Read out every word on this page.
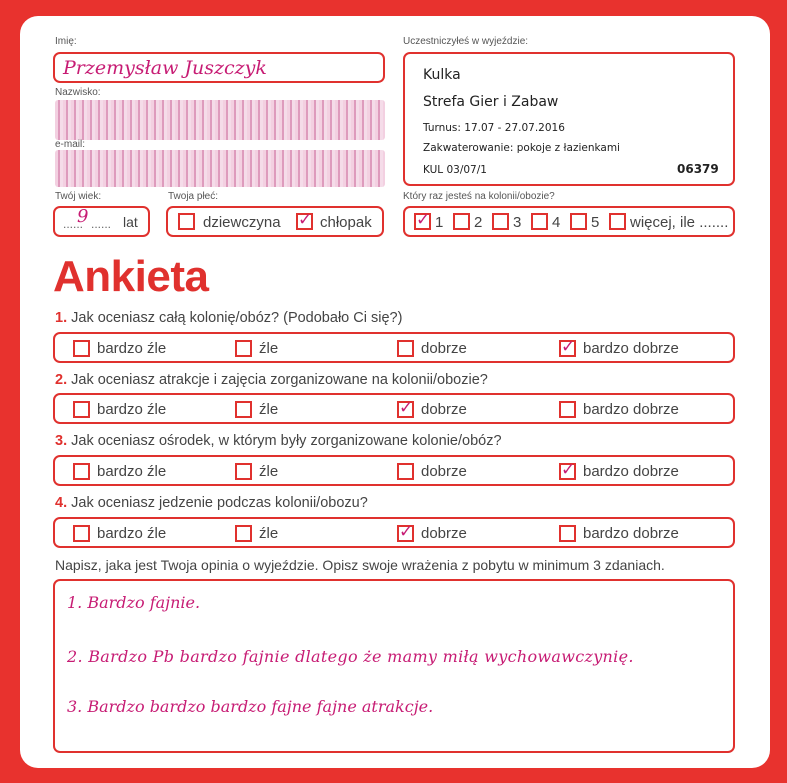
Imię:
Przemysław Juszczyk
Nazwisko:
e-mail:
Uczestniczyłeś w wyjeździe:
Kulka
Strefa Gier i Zabaw
Turnus: 17.07 - 27.07.2016
Zakwaterowanie: pokoje z łazienkami
KUL 03/07/1	06379
Twój wiek:
......
9 ...... lat
Twoja płeć:
dziewczyna ✓ chłopak
Który raz jesteś na kolonii/obozie?
✓ 1 2 3 4 5 więcej, ile .......
Ankieta
1. Jak oceniasz całą kolonię/obóz? (Podobało Ci się?)
bardzo źle	źle	dobrze	✓ bardzo dobrze
2. Jak oceniasz atrakcje i zajęcia zorganizowane na kolonii/obozie?
bardzo źle	źle	✓ dobrze	bardzo dobrze
3. Jak oceniasz ośrodek, w którym były zorganizowane kolonie/obóz?
bardzo źle	źle	dobrze	✓ bardzo dobrze
4. Jak oceniasz jedzenie podczas kolonii/obozu?
bardzo źle	źle	✓ dobrze	bardzo dobrze
Napisz, jaka jest Twoja opinia o wyjeździe. Opisz swoje wrażenia z pobytu w minimum 3 zdaniach.
1. Bardzo fajnie.
2. Bardzo Pb bardzo fajnie dlatego że mamy miłą wychowawczynię.
3. Bardzo bardzo bardzo fajne fajne atrakcje.
